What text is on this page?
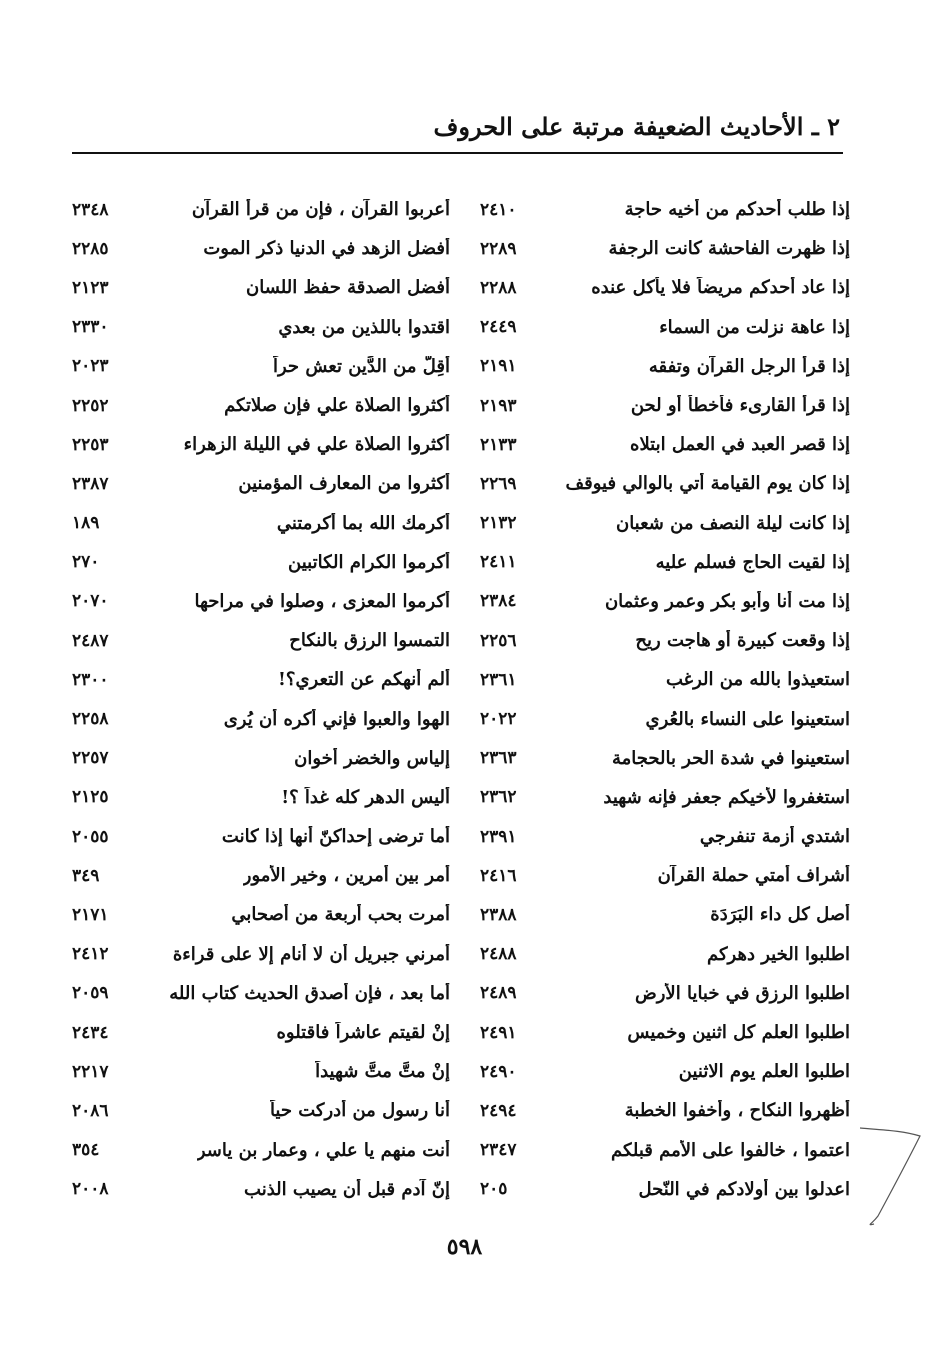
٢ ـ الأحاديث الضعيفة مرتبة على الحروف
إذا طلب أحدكم من أخيه حاجة
٢٤١٠
إذا ظهرت الفاحشة كانت الرجفة
٢٢٨٩
إذا عاد أحدكم مريضاً فلا يأكل عنده
٢٢٨٨
إذا عاهة نزلت من السماء
٢٤٤٩
إذا قرأ الرجل القرآن وتفقه
٢١٩١
إذا قرأ القارىء فأخطأ أو لحن
٢١٩٣
إذا قصر العبد في العمل ابتلاه
٢١٣٣
إذا كان يوم القيامة أتي بالوالي فيوقف
٢٢٦٩
إذا كانت ليلة النصف من شعبان
٢١٣٢
إذا لقيت الحاج فسلم عليه
٢٤١١
إذا مت أنا وأبو بكر وعمر وعثمان
٢٣٨٤
إذا وقعت كبيرة أو هاجت ريح
٢٢٥٦
استعيذوا بالله من الرغب
٢٣٦١
استعينوا على النساء بالعُري
٢٠٢٢
استعينوا في شدة الحر بالحجامة
٢٣٦٣
استغفروا لأخيكم جعفر فإنه شهيد
٢٣٦٢
اشتدي أزمة تنفرجي
٢٣٩١
أشراف أمتي حملة القرآن
٢٤١٦
أصل كل داء البَرَدَة
٢٣٨٨
اطلبوا الخير دهركم
٢٤٨٨
اطلبوا الرزق في خبايا الأرض
٢٤٨٩
اطلبوا العلم كل اثنين وخميس
٢٤٩١
اطلبوا العلم يوم الاثنين
٢٤٩٠
أظهروا النكاح ، وأخفوا الخطبة
٢٤٩٤
اعتموا ، خالفوا على الأمم قبلكم
٢٣٤٧
اعدلوا بين أولادكم في النّحل
٢٠٥
أعربوا القرآن ، فإن من قرأ القرآن
٢٣٤٨
أفضل الزهد في الدنيا ذكر الموت
٢٢٨٥
أفضل الصدقة حفظ اللسان
٢١٢٣
اقتدوا باللذين من بعدي
٢٣٣٠
أقِلَّ من الدَّين تعش حراً
٢٠٢٣
أكثروا الصلاة علي فإن صلاتكم
٢٢٥٢
أكثروا الصلاة علي في الليلة الزهراء
٢٢٥٣
أكثروا من المعارف المؤمنين
٢٣٨٧
أكرمك الله بما أكرمتني
١٨٩
أكرموا الكرام الكاتبين
٢٧٠
أكرموا المعزى ، وصلوا في مراحها
٢٠٧٠
التمسوا الرزق بالنكاح
٢٤٨٧
ألم أنهكم عن التعري؟!
٢٣٠٠
الهوا والعبوا فإني أكره أن يُرى
٢٢٥٨
إلياس والخضر أخوان
٢٢٥٧
أليس الدهر كله غداً ؟!
٢١٢٥
أما ترضى إحداكنّ أنها إذا كانت
٢٠٥٥
أمر بين أمرين ، وخير الأمور
٣٤٩
أمرت بحب أربعة من أصحابي
٢١٧١
أمرني جبريل أن لا أنام إلا على قراءة
٢٤١٢
أما بعد ، فإن أصدق الحديث كتاب الله
٢٠٥٩
إنْ لقيتم عاشراً فاقتلوه
٢٤٣٤
إنْ متَّ متَّ شهيداً
٢٢١٧
أنا رسول من أدركت حياً
٢٠٨٦
أنت منهم يا علي ، وعمار بن ياسر
٣٥٤
إنّ آدم قبل أن يصيب الذنب
٢٠٠٨
٥٩٨
